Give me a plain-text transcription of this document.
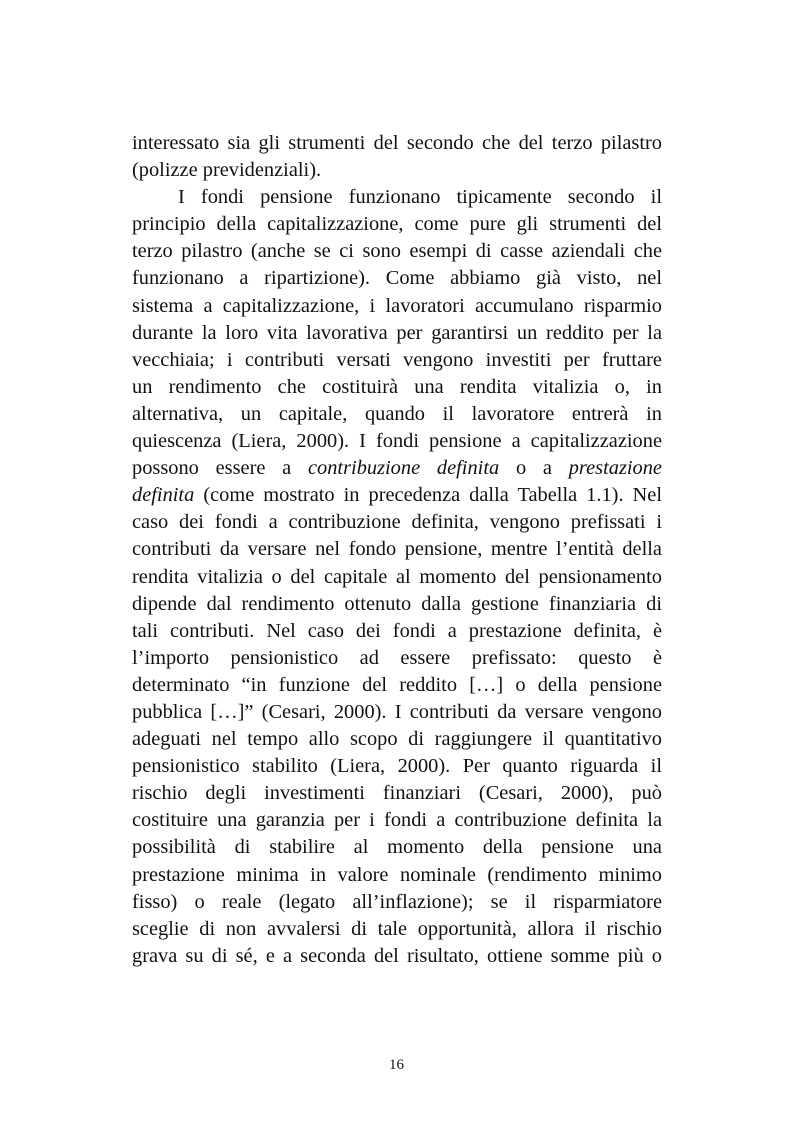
interessato sia gli strumenti del secondo che del terzo pilastro
(polizze previdenziali).
I fondi pensione funzionano tipicamente secondo il
principio della capitalizzazione, come pure gli strumenti del
terzo pilastro (anche se ci sono esempi di casse aziendali che
funzionano a ripartizione). Come abbiamo già visto, nel
sistema a capitalizzazione, i lavoratori accumulano risparmio
durante la loro vita lavorativa per garantirsi un reddito per la
vecchiaia; i contributi versati vengono investiti per fruttare
un rendimento che costituirà una rendita vitalizia o, in
alternativa, un capitale, quando il lavoratore entrerà in
quiescenza (Liera, 2000). I fondi pensione a capitalizzazione
possono essere a contribuzione definita o a prestazione
definita (come mostrato in precedenza dalla Tabella 1.1). Nel
caso dei fondi a contribuzione definita, vengono prefissati i
contributi da versare nel fondo pensione, mentre l’entità della
rendita vitalizia o del capitale al momento del pensionamento
dipende dal rendimento ottenuto dalla gestione finanziaria di
tali contributi. Nel caso dei fondi a prestazione definita, è
l’importo pensionistico ad essere prefissato: questo è
determinato “in funzione del reddito […] o della pensione
pubblica […]” (Cesari, 2000). I contributi da versare vengono
adeguati nel tempo allo scopo di raggiungere il quantitativo
pensionistico stabilito (Liera, 2000). Per quanto riguarda il
rischio degli investimenti finanziari (Cesari, 2000), può
costituire una garanzia per i fondi a contribuzione definita la
possibilità di stabilire al momento della pensione una
prestazione minima in valore nominale (rendimento minimo
fisso) o reale (legato all’inflazione); se il risparmiatore
sceglie di non avvalersi di tale opportunità, allora il rischio
grava su di sé, e a seconda del risultato, ottiene somme più o
16
